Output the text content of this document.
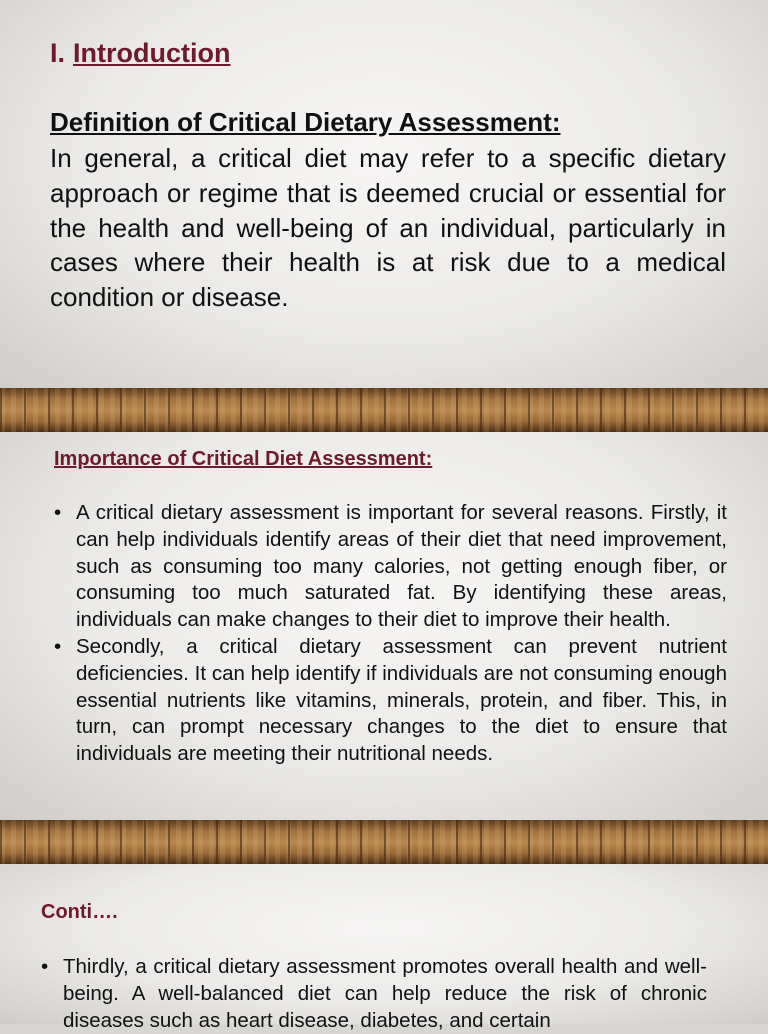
I. Introduction
Definition of Critical Dietary Assessment:

In general, a critical diet may refer to a specific dietary approach or regime that is deemed crucial or essential for the health and well-being of an individual, particularly in cases where their health is at risk due to a medical condition or disease.

Importance of Critical Diet Assessment:
• A critical dietary assessment is important for several reasons. Firstly, it can help individuals identify areas of their diet that need improvement, such as consuming too many calories, not getting enough fiber, or consuming too much saturated fat. By identifying these areas, individuals can make changes to their diet to improve their health.
• Secondly, a critical dietary assessment can prevent nutrient deficiencies. It can help identify if individuals are not consuming enough essential nutrients like vitamins, minerals, protein, and fiber. This, in turn, can prompt necessary changes to the diet to ensure that individuals are meeting their nutritional needs.
Conti….
• Thirdly, a critical dietary assessment promotes overall health and well-being. A well-balanced diet can help reduce the risk of chronic diseases such as heart disease, diabetes, and certain
